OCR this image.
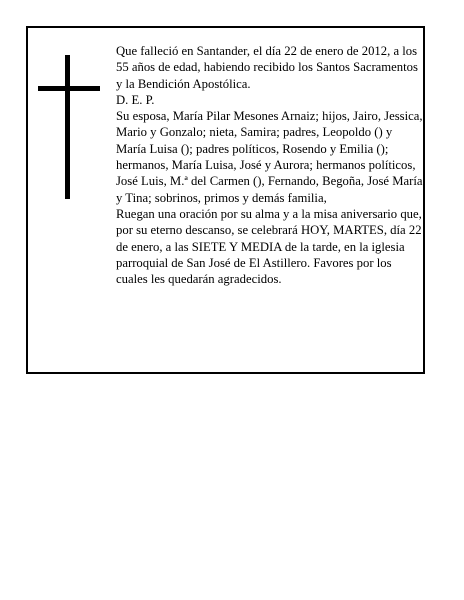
Que falleció en Santander, el día 22 de enero de 2012, a los 55 años de edad, habiendo recibido los Santos Sacramentos y la Bendición Apostólica.

D. E. P.

Su esposa, María Pilar Mesones Arnaiz; hijos, Jairo, Jessica, Mario y Gonzalo; nieta, Samira; padres, Leopoldo () y María Luisa (); padres políticos, Rosendo y Emilia (); hermanos, María Luisa, José y Aurora; hermanos políticos, José Luis, M.ª del Carmen (), Fernando, Begoña, José María y Tina; sobrinos, primos y demás familia,

Ruegan una oración por su alma y a la misa aniversario que, por su eterno descanso, se celebrará HOY, MARTES, día 22 de enero, a las SIETE Y MEDIA de la tarde, en la iglesia parroquial de San José de El Astillero. Favores por los cuales les quedarán agradecidos.
